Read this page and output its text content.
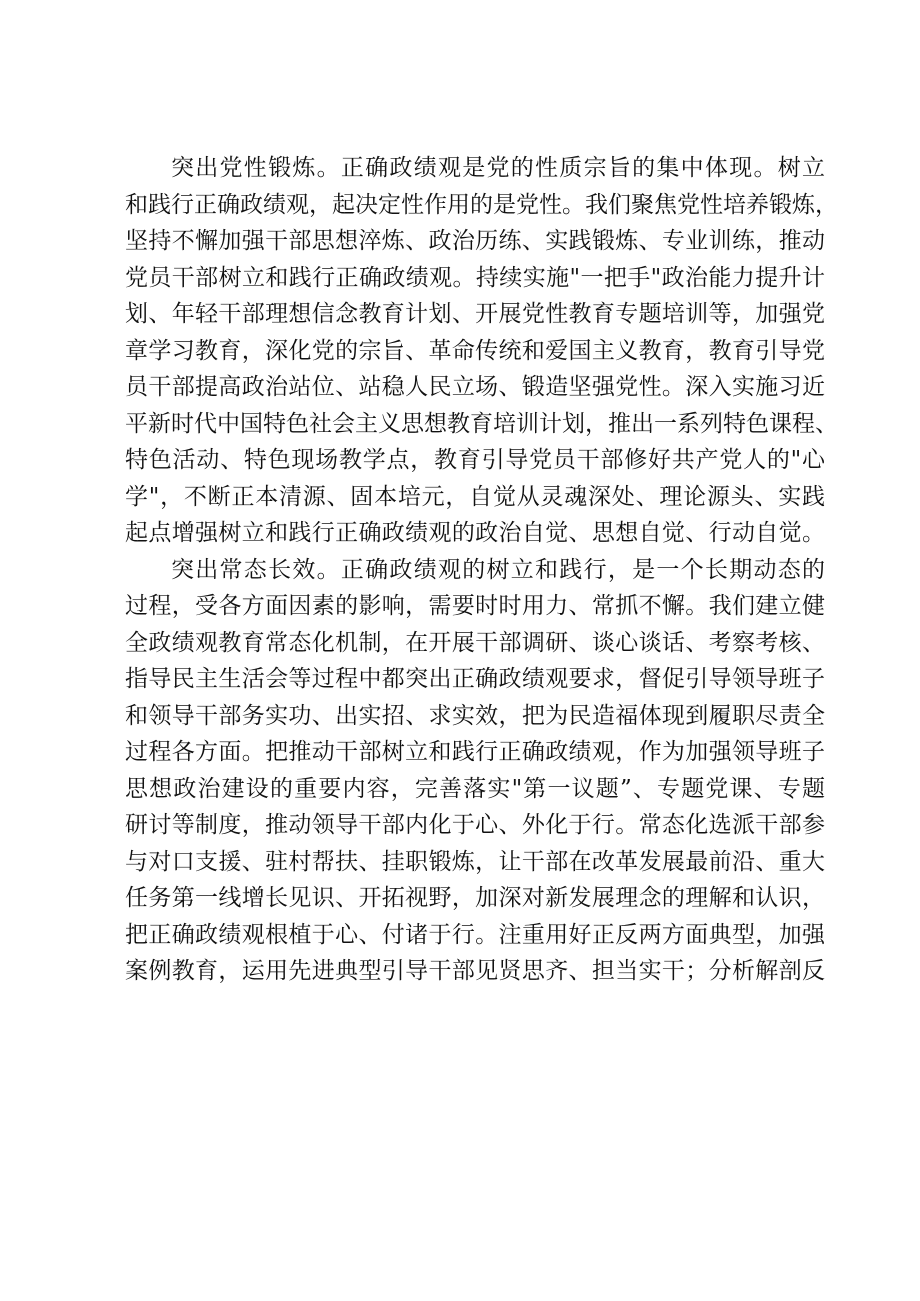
突出党性锻炼。正确政绩观是党的性质宗旨的集中体现。树立
和践行正确政绩观，起决定性作用的是党性。我们聚焦党性培养锻炼，
坚持不懈加强干部思想淬炼、政治历练、实践锻炼、专业训练，推动
党员干部树立和践行正确政绩观。持续实施"一把手"政治能力提升计
划、年轻干部理想信念教育计划、开展党性教育专题培训等，加强党
章学习教育，深化党的宗旨、革命传统和爱国主义教育，教育引导党
员干部提高政治站位、站稳人民立场、锻造坚强党性。深入实施习近
平新时代中国特色社会主义思想教育培训计划，推出一系列特色课程、
特色活动、特色现场教学点，教育引导党员干部修好共产党人的"心
学"，不断正本清源、固本培元，自觉从灵魂深处、理论源头、实践
起点增强树立和践行正确政绩观的政治自觉、思想自觉、行动自觉。
突出常态长效。正确政绩观的树立和践行，是一个长期动态的
过程，受各方面因素的影响，需要时时用力、常抓不懈。我们建立健
全政绩观教育常态化机制，在开展干部调研、谈心谈话、考察考核、
指导民主生活会等过程中都突出正确政绩观要求，督促引导领导班子
和领导干部务实功、出实招、求实效，把为民造福体现到履职尽责全
过程各方面。把推动干部树立和践行正确政绩观，作为加强领导班子
思想政治建设的重要内容，完善落实"第一议题”、专题党课、专题
研讨等制度，推动领导干部内化于心、外化于行。常态化选派干部参
与对口支援、驻村帮扶、挂职锻炼，让干部在改革发展最前沿、重大
任务第一线增长见识、开拓视野，加深对新发展理念的理解和认识，
把正确政绩观根植于心、付诸于行。注重用好正反两方面典型，加强
案例教育，运用先进典型引导干部见贤思齐、担当实干；分析解剖反
